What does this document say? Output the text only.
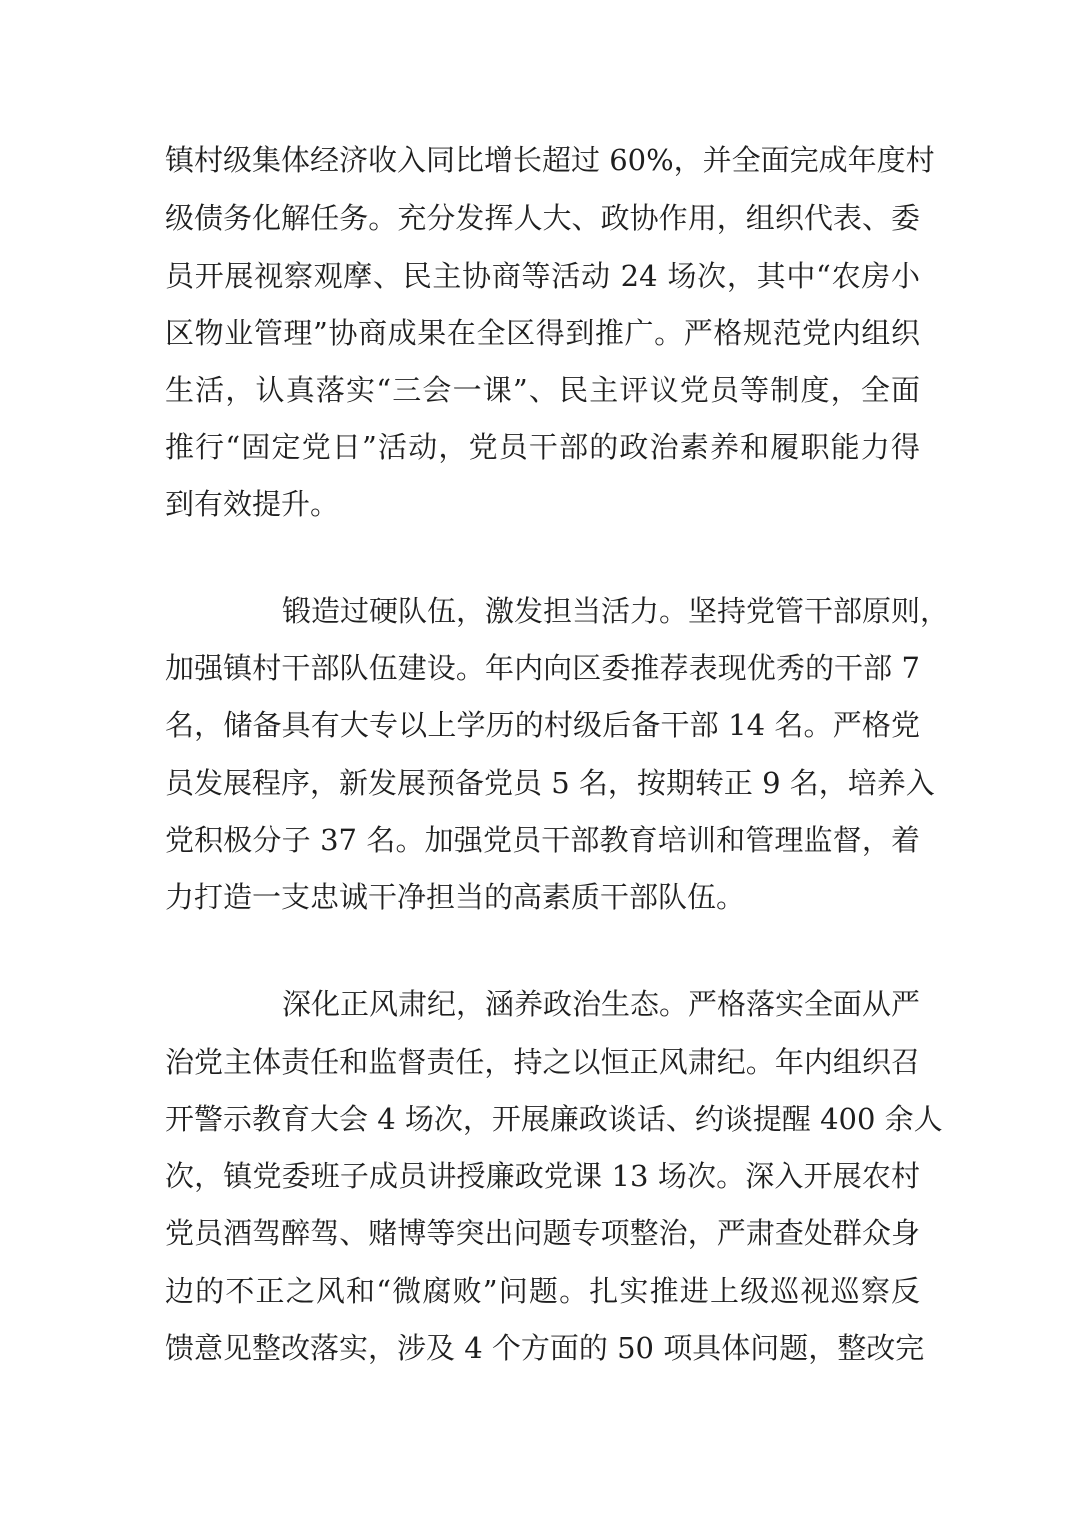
镇村级集体经济收入同比增长超过 60%，并全面完成年度村
级债务化解任务。充分发挥人大、政协作用，组织代表、委
员开展视察观摩、民主协商等活动 24 场次，其中“农房小
区物业管理”协商成果在全区得到推广。严格规范党内组织
生活，认真落实“三会一课”、民主评议党员等制度，全面
推行“固定党日”活动，党员干部的政治素养和履职能力得
到有效提升。
锻造过硬队伍，激发担当活力。坚持党管干部原则，
加强镇村干部队伍建设。年内向区委推荐表现优秀的干部 7
名，储备具有大专以上学历的村级后备干部 14 名。严格党
员发展程序，新发展预备党员 5 名，按期转正 9 名，培养入
党积极分子 37 名。加强党员干部教育培训和管理监督，着
力打造一支忠诚干净担当的高素质干部队伍。
深化正风肃纪，涵养政治生态。严格落实全面从严
治党主体责任和监督责任，持之以恒正风肃纪。年内组织召
开警示教育大会 4 场次，开展廉政谈话、约谈提醒 400 余人
次，镇党委班子成员讲授廉政党课 13 场次。深入开展农村
党员酒驾醉驾、赌博等突出问题专项整治，严肃查处群众身
边的不正之风和“微腐败”问题。扎实推进上级巡视巡察反
馈意见整改落实，涉及 4 个方面的 50 项具体问题，整改完
